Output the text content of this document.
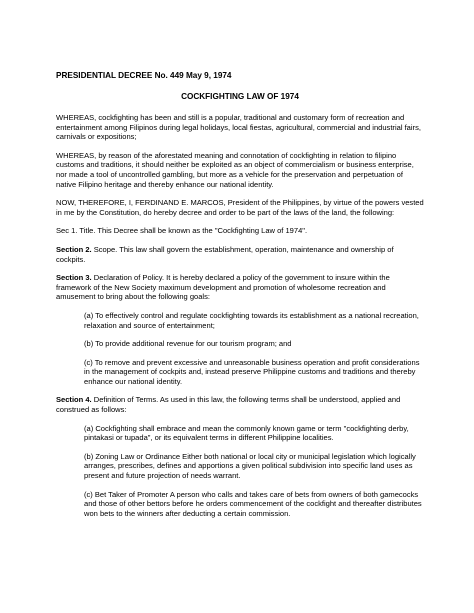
PRESIDENTIAL DECREE No. 449 May 9, 1974
COCKFIGHTING LAW OF 1974

WHEREAS, cockfighting has been and still is a popular, traditional and customary form of recreation and entertainment among Filipinos during legal holidays, local fiestas, agricultural, commercial and industrial fairs, carnivals or expositions;

WHEREAS, by reason of the aforestated meaning and connotation of cockfighting in relation to filipino customs and traditions, it should neither be exploited as an object of commercialism or business enterprise, nor made a tool of uncontrolled gambling, but more as a vehicle for the preservation and perpetuation of native Filipino heritage and thereby enhance our national identity.

NOW, THEREFORE, I, FERDINAND E. MARCOS, President of the Philippines, by virtue of the powers vested in me by the Constitution, do hereby decree and order to be part of the laws of the land, the following:

Sec 1. Title. This Decree shall be known as the "Cockfighting Law of 1974".

Section 2. Scope. This law shall govern the establishment, operation, maintenance and ownership of cockpits.

Section 3. Declaration of Policy. It is hereby declared a policy of the government to insure within the framework of the New Society maximum development and promotion of wholesome recreation and amusement to bring about the following goals:

(a) To effectively control and regulate cockfighting towards its establishment as a national recreation, relaxation and source of entertainment;

(b) To provide additional revenue for our tourism program; and

(c) To remove and prevent excessive and unreasonable business operation and profit considerations in the management of cockpits and, instead preserve Philippine customs and traditions and thereby enhance our national identity.

Section 4. Definition of Terms. As used in this law, the following terms shall be understood, applied and construed as follows:

(a) Cockfighting shall embrace and mean the commonly known game or term "cockfighting derby, pintakasi or tupada", or its equivalent terms in different Philippine localities.

(b) Zoning Law or Ordinance Either both national or local city or municipal legislation which logically arranges, prescribes, defines and apportions a given political subdivision into specific land uses as present and future projection of needs warrant.

(c) Bet Taker of Promoter A person who calls and takes care of bets from owners of both gamecocks and those of other bettors before he orders commencement of the cockfight and thereafter distributes won bets to the winners after deducting a certain commission.
